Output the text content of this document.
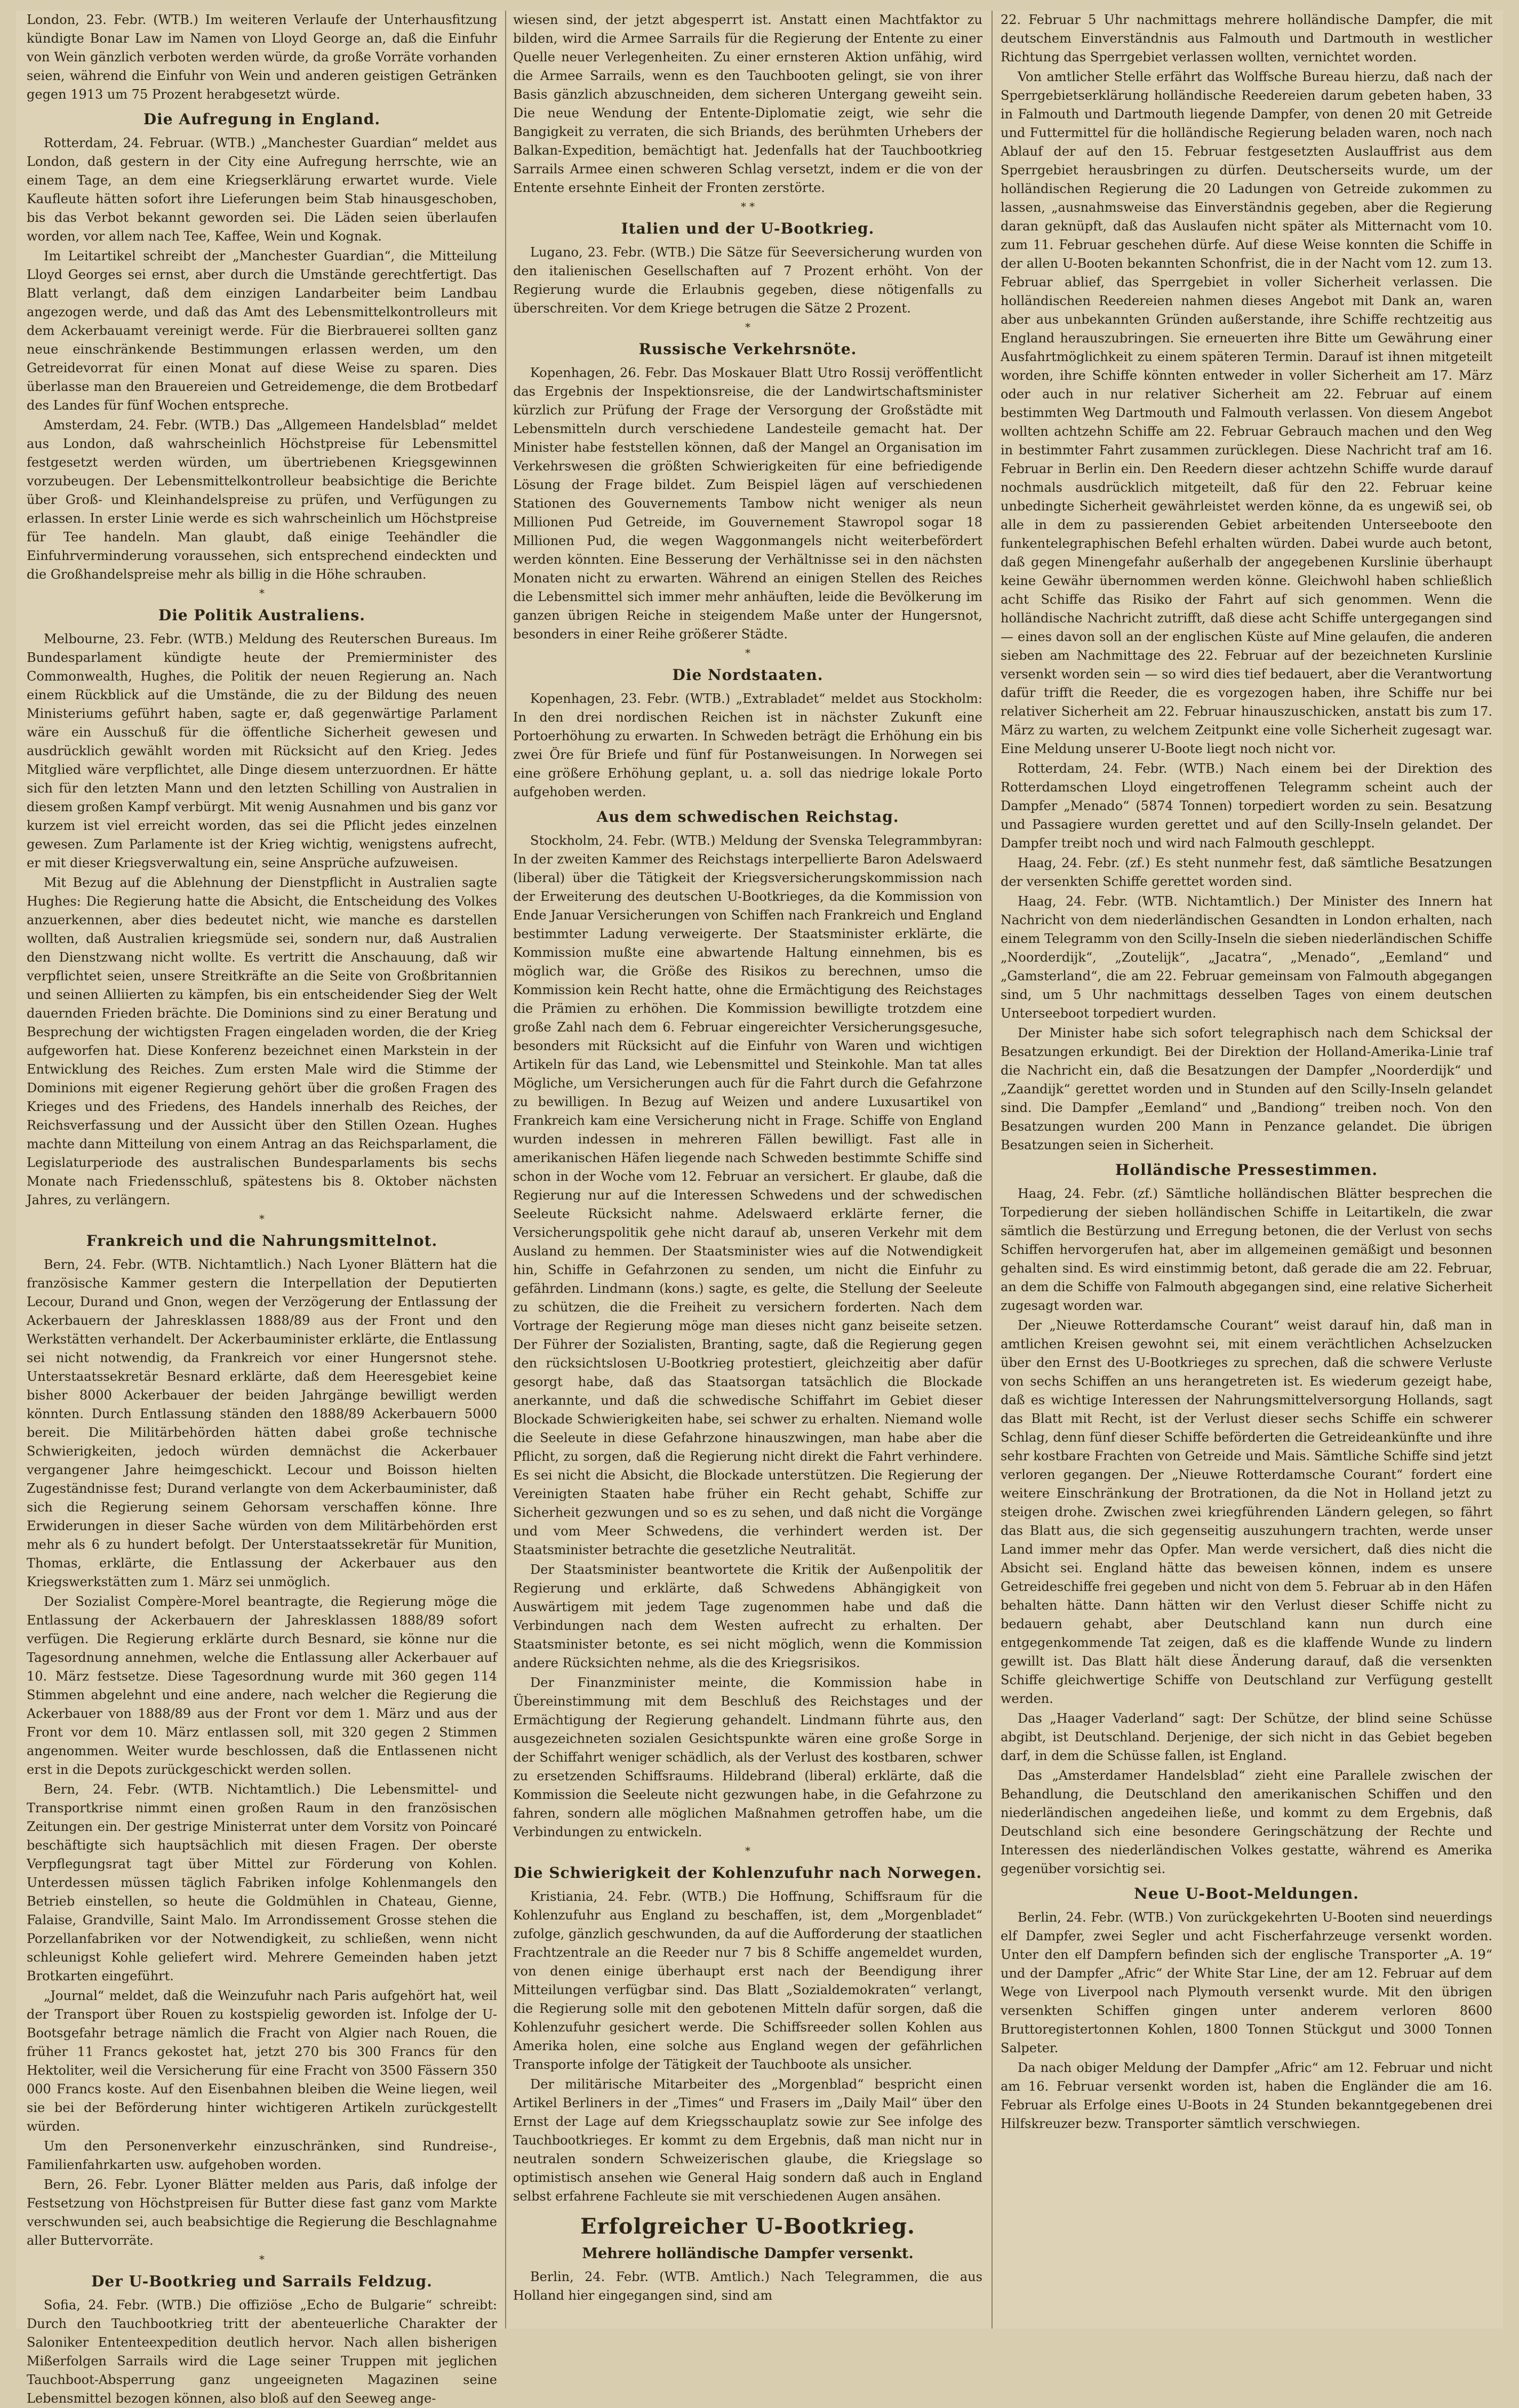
London, 23. Febr. (WTB.) Im weiteren Verlaufe der Unterhausfitzung kündigte Bonar Law im Namen von Lloyd George an, daß die Einfuhr von Wein gänzlich verboten werden würde, da große Vorräte vorhanden seien, während die Einfuhr von Wein und anderen geistigen Getränken gegen 1913 um 75 Prozent herabgesetzt würde.

Die Aufregung in England.

Rotterdam, 24. Februar. (WTB.) „Manchester Guardian“ meldet aus London, daß gestern in der City eine Aufregung herrschte, wie an einem Tage, an dem eine Kriegserklärung erwartet wurde. Viele Kaufleute hätten sofort ihre Lieferungen beim Stab hinausgeschoben, bis das Verbot bekannt geworden sei. Die Läden seien überlaufen worden, vor allem nach Tee, Kaffee, Wein und Kognak.

Im Leitartikel schreibt der „Manchester Guardian“, die Mitteilung Lloyd Georges sei ernst, aber durch die Umstände gerechtfertigt. Das Blatt verlangt, daß dem einzigen Landarbeiter beim Landbau angezogen werde, und daß das Amt des Lebensmittelkontrolleurs mit dem Ackerbauamt vereinigt werde. Für die Bierbrauerei sollten ganz neue einschränkende Bestimmungen erlassen werden, um den Getreidevorrat für einen Monat auf diese Weise zu sparen. Dies überlasse man den Brauereien und Getreidemenge, die dem Brotbedarf des Landes für fünf Wochen entspreche.

Amsterdam, 24. Febr. (WTB.) Das „Allgemeen Handelsblad“ meldet aus London, daß wahrscheinlich Höchstpreise für Lebensmittel festgesetzt werden würden, um übertriebenen Kriegsgewinnen vorzubeugen. Der Lebensmittelkontrolleur beabsichtige die Berichte über Groß- und Kleinhandelspreise zu prüfen, und Verfügungen zu erlassen. In erster Linie werde es sich wahrscheinlich um Höchstpreise für Tee handeln. Man glaubt, daß einige Teehändler die Einfuhrverminderung voraussehen, sich entsprechend eindeckten und die Großhandelspreise mehr als billig in die Höhe schrauben.

*
Die Politik Australiens.

Melbourne, 23. Febr. (WTB.) Meldung des Reuterschen Bureaus. Im Bundesparlament kündigte heute der Premierminister des Commonwealth, Hughes, die Politik der neuen Regierung an. Nach einem Rückblick auf die Umstände, die zu der Bildung des neuen Ministeriums geführt haben, sagte er, daß gegenwärtige Parlament wäre ein Ausschuß für die öffentliche Sicherheit gewesen und ausdrücklich gewählt worden mit Rücksicht auf den Krieg. Jedes Mitglied wäre verpflichtet, alle Dinge diesem unterzuordnen. Er hätte sich für den letzten Mann und den letzten Schilling von Australien in diesem großen Kampf verbürgt. Mit wenig Ausnahmen und bis ganz vor kurzem ist viel erreicht worden, das sei die Pflicht jedes einzelnen gewesen. Zum Parlamente ist der Krieg wichtig, wenigstens aufrecht, er mit dieser Kriegsverwaltung ein, seine Ansprüche aufzuweisen.

Mit Bezug auf die Ablehnung der Dienstpflicht in Australien sagte Hughes: Die Regierung hatte die Absicht, die Entscheidung des Volkes anzuerkennen, aber dies bedeutet nicht, wie manche es darstellen wollten, daß Australien kriegsmüde sei, sondern nur, daß Australien den Dienstzwang nicht wollte. Es vertritt die Anschauung, daß wir verpflichtet seien, unsere Streitkräfte an die Seite von Großbritannien und seinen Alliierten zu kämpfen, bis ein entscheidender Sieg der Welt dauernden Frieden brächte. Die Dominions sind zu einer Beratung und Besprechung der wichtigsten Fragen eingeladen worden, die der Krieg aufgeworfen hat. Diese Konferenz bezeichnet einen Markstein in der Entwicklung des Reiches. Zum ersten Male wird die Stimme der Dominions mit eigener Regierung gehört über die großen Fragen des Krieges und des Friedens, des Handels innerhalb des Reiches, der Reichsverfassung und der Aussicht über den Stillen Ozean. Hughes machte dann Mitteilung von einem Antrag an das Reichsparlament, die Legislaturperiode des australischen Bundesparlaments bis sechs Monate nach Friedensschluß, spätestens bis 8. Oktober nächsten Jahres, zu verlängern.

*
Frankreich und die Nahrungsmittelnot.

Bern, 24. Febr. (WTB. Nichtamtlich.) Nach Lyoner Blättern hat die französische Kammer gestern die Interpellation der Deputierten Lecour, Durand und Gnon, wegen der Verzögerung der Entlassung der Ackerbauern der Jahresklassen 1888/89 aus der Front und den Werkstätten verhandelt. Der Ackerbauminister erklärte, die Entlassung sei nicht notwendig, da Frankreich vor einer Hungersnot stehe. Unterstaatssekretär Besnard erklärte, daß dem Heeresgebiet keine bisher 8000 Ackerbauer der beiden Jahrgänge bewilligt werden könnten. Durch Entlassung ständen den 1888/89 Ackerbauern 5000 bereit. Die Militärbehörden hätten dabei große technische Schwierigkeiten, jedoch würden demnächst die Ackerbauer vergangener Jahre heimgeschickt. Lecour und Boisson hielten Zugeständnisse fest; Durand verlangte von dem Ackerbauminister, daß sich die Regierung seinem Gehorsam verschaffen könne. Ihre Erwiderungen in dieser Sache würden von dem Militärbehörden erst mehr als 6 zu hundert befolgt. Der Unterstaatssekretär für Munition, Thomas, erklärte, die Entlassung der Ackerbauer aus den Kriegswerkstätten zum 1. März sei unmöglich.

Der Sozialist Compère-Morel beantragte, die Regierung möge die Entlassung der Ackerbauern der Jahresklassen 1888/89 sofort verfügen. Die Regierung erklärte durch Besnard, sie könne nur die Tagesordnung annehmen, welche die Entlassung aller Ackerbauer auf 10. März festsetze. Diese Tagesordnung wurde mit 360 gegen 114 Stimmen abgelehnt und eine andere, nach welcher die Regierung die Ackerbauer von 1888/89 aus der Front vor dem 1. März und aus der Front vor dem 10. März entlassen soll, mit 320 gegen 2 Stimmen angenommen. Weiter wurde beschlossen, daß die Entlassenen nicht erst in die Depots zurückgeschickt werden sollen.

Bern, 24. Febr. (WTB. Nichtamtlich.) Die Lebensmittel- und Transportkrise nimmt einen großen Raum in den französischen Zeitungen ein. Der gestrige Ministerrat unter dem Vorsitz von Poincaré beschäftigte sich hauptsächlich mit diesen Fragen. Der oberste Verpflegungsrat tagt über Mittel zur Förderung von Kohlen. Unterdessen müssen täglich Fabriken infolge Kohlenmangels den Betrieb einstellen, so heute die Goldmühlen in Chateau, Gienne, Falaise, Grandville, Saint Malo. Im Arrondissement Grosse stehen die Porzellanfabriken vor der Notwendigkeit, zu schließen, wenn nicht schleunigst Kohle geliefert wird. Mehrere Gemeinden haben jetzt Brotkarten eingeführt.

„Journal“ meldet, daß die Weinzufuhr nach Paris aufgehört hat, weil der Transport über Rouen zu kostspielig geworden ist. Infolge der U-Bootsgefahr betrage nämlich die Fracht von Algier nach Rouen, die früher 11 Francs gekostet hat, jetzt 270 bis 300 Francs für den Hektoliter, weil die Versicherung für eine Fracht von 3500 Fässern 350 000 Francs koste. Auf den Eisenbahnen bleiben die Weine liegen, weil sie bei der Beförderung hinter wichtigeren Artikeln zurückgestellt würden.

Um den Personenverkehr einzuschränken, sind Rundreise-, Familienfahrkarten usw. aufgehoben worden.

Bern, 26. Febr. Lyoner Blätter melden aus Paris, daß infolge der Festsetzung von Höchstpreisen für Butter diese fast ganz vom Markte verschwunden sei, auch beabsichtige die Regierung die Beschlagnahme aller Buttervorräte.

*
Der U-Bootkrieg und Sarrails Feldzug.

Sofia, 24. Febr. (WTB.) Die offiziöse „Echo de Bulgarie“ schreibt: Durch den Tauchbootkrieg tritt der abenteuerliche Charakter der Saloniker Ententeexpedition deutlich hervor. Nach allen bisherigen Mißerfolgen Sarrails wird die Lage seiner Truppen mit jeglichen Tauchboot-Absperrung ganz ungeeigneten Magazinen seine Lebensmittel bezogen können, also bloß auf den Seeweg ange-

wiesen sind, der jetzt abgesperrt ist. Anstatt einen Machtfaktor zu bilden, wird die Armee Sarrails für die Regierung der Entente zu einer Quelle neuer Verlegenheiten. Zu einer ernsteren Aktion unfähig, wird die Armee Sarrails, wenn es den Tauchbooten gelingt, sie von ihrer Basis gänzlich abzuschneiden, dem sicheren Untergang geweiht sein. Die neue Wendung der Entente-Diplomatie zeigt, wie sehr die Bangigkeit zu verraten, die sich Briands, des berühmten Urhebers der Balkan-Expedition, bemächtigt hat. Jedenfalls hat der Tauchbootkrieg Sarrails Armee einen schweren Schlag versetzt, indem er die von der Entente ersehnte Einheit der Fronten zerstörte.

* *
Italien und der U-Bootkrieg.

Lugano, 23. Febr. (WTB.) Die Sätze für Seeversicherung wurden von den italienischen Gesellschaften auf 7 Prozent erhöht. Von der Regierung wurde die Erlaubnis gegeben, diese nötigenfalls zu überschreiten. Vor dem Kriege betrugen die Sätze 2 Prozent.

*
Russische Verkehrsnöte.

Kopenhagen, 26. Febr. Das Moskauer Blatt Utro Rossij veröffentlicht das Ergebnis der Inspektionsreise, die der Landwirtschaftsminister kürzlich zur Prüfung der Frage der Versorgung der Großstädte mit Lebensmitteln durch verschiedene Landesteile gemacht hat. Der Minister habe feststellen können, daß der Mangel an Organisation im Verkehrswesen die größten Schwierigkeiten für eine befriedigende Lösung der Frage bildet. Zum Beispiel lägen auf verschiedenen Stationen des Gouvernements Tambow nicht weniger als neun Millionen Pud Getreide, im Gouvernement Stawropol sogar 18 Millionen Pud, die wegen Waggonmangels nicht weiterbefördert werden könnten. Eine Besserung der Verhältnisse sei in den nächsten Monaten nicht zu erwarten. Während an einigen Stellen des Reiches die Lebensmittel sich immer mehr anhäuften, leide die Bevölkerung im ganzen übrigen Reiche in steigendem Maße unter der Hungersnot, besonders in einer Reihe größerer Städte.

*
Die Nordstaaten.

Kopenhagen, 23. Febr. (WTB.) „Extrabladet“ meldet aus Stockholm: In den drei nordischen Reichen ist in nächster Zukunft eine Portoerhöhung zu erwarten. In Schweden beträgt die Erhöhung ein bis zwei Öre für Briefe und fünf für Postanweisungen. In Norwegen sei eine größere Erhöhung geplant, u. a. soll das niedrige lokale Porto aufgehoben werden.

Aus dem schwedischen Reichstag.

Stockholm, 24. Febr. (WTB.) Meldung der Svenska Telegrammbyran: In der zweiten Kammer des Reichstags interpellierte Baron Adelswaerd (liberal) über die Tätigkeit der Kriegsversicherungskommission nach der Erweiterung des deutschen U-Bootkrieges, da die Kommission von Ende Januar Versicherungen von Schiffen nach Frankreich und England bestimmter Ladung verweigerte. Der Staatsminister erklärte, die Kommission mußte eine abwartende Haltung einnehmen, bis es möglich war, die Größe des Risikos zu berechnen, umso die Kommission kein Recht hatte, ohne die Ermächtigung des Reichstages die Prämien zu erhöhen. Die Kommission bewilligte trotzdem eine große Zahl nach dem 6. Februar eingereichter Versicherungsgesuche, besonders mit Rücksicht auf die Einfuhr von Waren und wichtigen Artikeln für das Land, wie Lebensmittel und Steinkohle. Man tat alles Mögliche, um Versicherungen auch für die Fahrt durch die Gefahrzone zu bewilligen. In Bezug auf Weizen und andere Luxusartikel von Frankreich kam eine Versicherung nicht in Frage. Schiffe von England wurden indessen in mehreren Fällen bewilligt. Fast alle in amerikanischen Häfen liegende nach Schweden bestimmte Schiffe sind schon in der Woche vom 12. Februar an versichert. Er glaube, daß die Regierung nur auf die Interessen Schwedens und der schwedischen Seeleute Rücksicht nahme. Adelswaerd erklärte ferner, die Versicherungspolitik gehe nicht darauf ab, unseren Verkehr mit dem Ausland zu hemmen. Der Staatsminister wies auf die Notwendigkeit hin, Schiffe in Gefahrzonen zu senden, um nicht die Einfuhr zu gefährden. Lindmann (kons.) sagte, es gelte, die Stellung der Seeleute zu schützen, die die Freiheit zu versichern forderten. Nach dem Vortrage der Regierung möge man dieses nicht ganz beiseite setzen. Der Führer der Sozialisten, Branting, sagte, daß die Regierung gegen den rücksichtslosen U-Bootkrieg protestiert, gleichzeitig aber dafür gesorgt habe, daß das Staatsorgan tatsächlich die Blockade anerkannte, und daß die schwedische Schiffahrt im Gebiet dieser Blockade Schwierigkeiten habe, sei schwer zu erhalten. Niemand wolle die Seeleute in diese Gefahrzone hinauszwingen, man habe aber die Pflicht, zu sorgen, daß die Regierung nicht direkt die Fahrt verhindere. Es sei nicht die Absicht, die Blockade unterstützen. Die Regierung der Vereinigten Staaten habe früher ein Recht gehabt, Schiffe zur Sicherheit gezwungen und so es zu sehen, und daß nicht die Vorgänge und vom Meer Schwedens, die verhindert werden ist. Der Staatsminister betrachte die gesetzliche Neutralität.

Der Staatsminister beantwortete die Kritik der Außenpolitik der Regierung und erklärte, daß Schwedens Abhängigkeit von Auswärtigem mit jedem Tage zugenommen habe und daß die Verbindungen nach dem Westen aufrecht zu erhalten. Der Staatsminister betonte, es sei nicht möglich, wenn die Kommission andere Rücksichten nehme, als die des Kriegsrisikos.

Der Finanzminister meinte, die Kommission habe in Übereinstimmung mit dem Beschluß des Reichstages und der Ermächtigung der Regierung gehandelt. Lindmann führte aus, den ausgezeichneten sozialen Gesichtspunkte wären eine große Sorge in der Schiffahrt weniger schädlich, als der Verlust des kostbaren, schwer zu ersetzenden Schiffsraums. Hildebrand (liberal) erklärte, daß die Kommission die Seeleute nicht gezwungen habe, in die Gefahrzone zu fahren, sondern alle möglichen Maßnahmen getroffen habe, um die Verbindungen zu entwickeln.

*
Die Schwierigkeit der Kohlenzufuhr nach Norwegen.

Kristiania, 24. Febr. (WTB.) Die Hoffnung, Schiffsraum für die Kohlenzufuhr aus England zu beschaffen, ist, dem „Morgenbladet“ zufolge, gänzlich geschwunden, da auf die Aufforderung der staatlichen Frachtzentrale an die Reeder nur 7 bis 8 Schiffe angemeldet wurden, von denen einige überhaupt erst nach der Beendigung ihrer Mitteilungen verfügbar sind. Das Blatt „Sozialdemokraten“ verlangt, die Regierung solle mit den gebotenen Mitteln dafür sorgen, daß die Kohlenzufuhr gesichert werde. Die Schiffsreeder sollen Kohlen aus Amerika holen, eine solche aus England wegen der gefährlichen Transporte infolge der Tätigkeit der Tauchboote als unsicher.

Der militärische Mitarbeiter des „Morgenblad“ bespricht einen Artikel Berliners in der „Times“ und Frasers im „Daily Mail“ über den Ernst der Lage auf dem Kriegsschauplatz sowie zur See infolge des Tauchbootkrieges. Er kommt zu dem Ergebnis, daß man nicht nur in neutralen sondern Schweizerischen glaube, die Kriegslage so optimistisch ansehen wie General Haig sondern daß auch in England selbst erfahrene Fachleute sie mit verschiedenen Augen ansähen.

Erfolgreicher U-Bootkrieg.
Mehrere holländische Dampfer versenkt.

Berlin, 24. Febr. (WTB. Amtlich.) Nach Telegrammen, die aus Holland hier eingegangen sind, sind am

22. Februar 5 Uhr nachmittags mehrere holländische Dampfer, die mit deutschem Einverständnis aus Falmouth und Dartmouth in westlicher Richtung das Sperrgebiet verlassen wollten, vernichtet worden.

Von amtlicher Stelle erfährt das Wolffsche Bureau hierzu, daß nach der Sperrgebietserklärung holländische Reedereien darum gebeten haben, 33 in Falmouth und Dartmouth liegende Dampfer, von denen 20 mit Getreide und Futtermittel für die holländische Regierung beladen waren, noch nach Ablauf der auf den 15. Februar festgesetzten Auslauffrist aus dem Sperrgebiet herausbringen zu dürfen. Deutscherseits wurde, um der holländischen Regierung die 20 Ladungen von Getreide zukommen zu lassen, „ausnahmsweise das Einverständnis gegeben, aber die Regierung daran geknüpft, daß das Auslaufen nicht später als Mitternacht vom 10. zum 11. Februar geschehen dürfe. Auf diese Weise konnten die Schiffe in der allen U-Booten bekannten Schonfrist, die in der Nacht vom 12. zum 13. Februar ablief, das Sperrgebiet in voller Sicherheit verlassen. Die holländischen Reedereien nahmen dieses Angebot mit Dank an, waren aber aus unbekannten Gründen außerstande, ihre Schiffe rechtzeitig aus England herauszubringen. Sie erneuerten ihre Bitte um Gewährung einer Ausfahrtmöglichkeit zu einem späteren Termin. Darauf ist ihnen mitgeteilt worden, ihre Schiffe könnten entweder in voller Sicherheit am 17. März oder auch in nur relativer Sicherheit am 22. Februar auf einem bestimmten Weg Dartmouth und Falmouth verlassen. Von diesem Angebot wollten achtzehn Schiffe am 22. Februar Gebrauch machen und den Weg in bestimmter Fahrt zusammen zurücklegen. Diese Nachricht traf am 16. Februar in Berlin ein. Den Reedern dieser achtzehn Schiffe wurde darauf nochmals ausdrücklich mitgeteilt, daß für den 22. Februar keine unbedingte Sicherheit gewährleistet werden könne, da es ungewiß sei, ob alle in dem zu passierenden Gebiet arbeitenden Unterseeboote den funkentelegraphischen Befehl erhalten würden. Dabei wurde auch betont, daß gegen Minengefahr außerhalb der angegebenen Kurslinie überhaupt keine Gewähr übernommen werden könne. Gleichwohl haben schließlich acht Schiffe das Risiko der Fahrt auf sich genommen. Wenn die holländische Nachricht zutrifft, daß diese acht Schiffe untergegangen sind — eines davon soll an der englischen Küste auf Mine gelaufen, die anderen sieben am Nachmittage des 22. Februar auf der bezeichneten Kurslinie versenkt worden sein — so wird dies tief bedauert, aber die Verantwortung dafür trifft die Reeder, die es vorgezogen haben, ihre Schiffe nur bei relativer Sicherheit am 22. Februar hinauszuschicken, anstatt bis zum 17. März zu warten, zu welchem Zeitpunkt eine volle Sicherheit zugesagt war. Eine Meldung unserer U-Boote liegt noch nicht vor.

Rotterdam, 24. Febr. (WTB.) Nach einem bei der Direktion des Rotterdamschen Lloyd eingetroffenen Telegramm scheint auch der Dampfer „Menado“ (5874 Tonnen) torpediert worden zu sein. Besatzung und Passagiere wurden gerettet und auf den Scilly-Inseln gelandet. Der Dampfer treibt noch und wird nach Falmouth geschleppt.

Haag, 24. Febr. (zf.) Es steht nunmehr fest, daß sämtliche Besatzungen der versenkten Schiffe gerettet worden sind.

Haag, 24. Febr. (WTB. Nichtamtlich.) Der Minister des Innern hat Nachricht von dem niederländischen Gesandten in London erhalten, nach einem Telegramm von den Scilly-Inseln die sieben niederländischen Schiffe „Noorderdijk“, „Zoutelijk“, „Jacatra“, „Menado“, „Eemland“ und „Gamsterland“, die am 22. Februar gemeinsam von Falmouth abgegangen sind, um 5 Uhr nachmittags desselben Tages von einem deutschen Unterseeboot torpediert wurden.

Der Minister habe sich sofort telegraphisch nach dem Schicksal der Besatzungen erkundigt. Bei der Direktion der Holland-Amerika-Linie traf die Nachricht ein, daß die Besatzungen der Dampfer „Noorderdijk“ und „Zaandijk“ gerettet worden und in Stunden auf den Scilly-Inseln gelandet sind. Die Dampfer „Eemland“ und „Bandiong“ treiben noch. Von den Besatzungen wurden 200 Mann in Penzance gelandet. Die übrigen Besatzungen seien in Sicherheit.

Holländische Pressestimmen.

Haag, 24. Febr. (zf.) Sämtliche holländischen Blätter besprechen die Torpedierung der sieben holländischen Schiffe in Leitartikeln, die zwar sämtlich die Bestürzung und Erregung betonen, die der Verlust von sechs Schiffen hervorgerufen hat, aber im allgemeinen gemäßigt und besonnen gehalten sind. Es wird einstimmig betont, daß gerade die am 22. Februar, an dem die Schiffe von Falmouth abgegangen sind, eine relative Sicherheit zugesagt worden war.

Der „Nieuwe Rotterdamsche Courant“ weist darauf hin, daß man in amtlichen Kreisen gewohnt sei, mit einem verächtlichen Achselzucken über den Ernst des U-Bootkrieges zu sprechen, daß die schwere Verluste von sechs Schiffen an uns herangetreten ist. Es wiederum gezeigt habe, daß es wichtige Interessen der Nahrungsmittelversorgung Hollands, sagt das Blatt mit Recht, ist der Verlust dieser sechs Schiffe ein schwerer Schlag, denn fünf dieser Schiffe beförderten die Getreideankünfte und ihre sehr kostbare Frachten von Getreide und Mais. Sämtliche Schiffe sind jetzt verloren gegangen. Der „Nieuwe Rotterdamsche Courant“ fordert eine weitere Einschränkung der Brotrationen, da die Not in Holland jetzt zu steigen drohe. Zwischen zwei kriegführenden Ländern gelegen, so fährt das Blatt aus, die sich gegenseitig auszuhungern trachten, werde unser Land immer mehr das Opfer. Man werde versichert, daß dies nicht die Absicht sei. England hätte das beweisen können, indem es unsere Getreideschiffe frei gegeben und nicht von dem 5. Februar ab in den Häfen behalten hätte. Dann hätten wir den Verlust dieser Schiffe nicht zu bedauern gehabt, aber Deutschland kann nun durch eine entgegenkommende Tat zeigen, daß es die klaffende Wunde zu lindern gewillt ist. Das Blatt hält diese Änderung darauf, daß die versenkten Schiffe gleichwertige Schiffe von Deutschland zur Verfügung gestellt werden.

Das „Haager Vaderland“ sagt: Der Schütze, der blind seine Schüsse abgibt, ist Deutschland. Derjenige, der sich nicht in das Gebiet begeben darf, in dem die Schüsse fallen, ist England.

Das „Amsterdamer Handelsblad“ zieht eine Parallele zwischen der Behandlung, die Deutschland den amerikanischen Schiffen und den niederländischen angedeihen ließe, und kommt zu dem Ergebnis, daß Deutschland sich eine besondere Geringschätzung der Rechte und Interessen des niederländischen Volkes gestatte, während es Amerika gegenüber vorsichtig sei.

Neue U-Boot-Meldungen.

Berlin, 24. Febr. (WTB.) Von zurückgekehrten U-Booten sind neuerdings elf Dampfer, zwei Segler und acht Fischerfahrzeuge versenkt worden. Unter den elf Dampfern befinden sich der englische Transporter „A. 19“ und der Dampfer „Afric“ der White Star Line, der am 12. Februar auf dem Wege von Liverpool nach Plymouth versenkt wurde. Mit den übrigen versenkten Schiffen gingen unter anderem verloren 8600 Bruttoregistertonnen Kohlen, 1800 Tonnen Stückgut und 3000 Tonnen Salpeter.

Da nach obiger Meldung der Dampfer „Afric“ am 12. Februar und nicht am 16. Februar versenkt worden ist, haben die Engländer die am 16. Februar als Erfolge eines U-Boots in 24 Stunden bekanntgegebenen drei Hilfskreuzer bezw. Transporter sämtlich verschwiegen.
